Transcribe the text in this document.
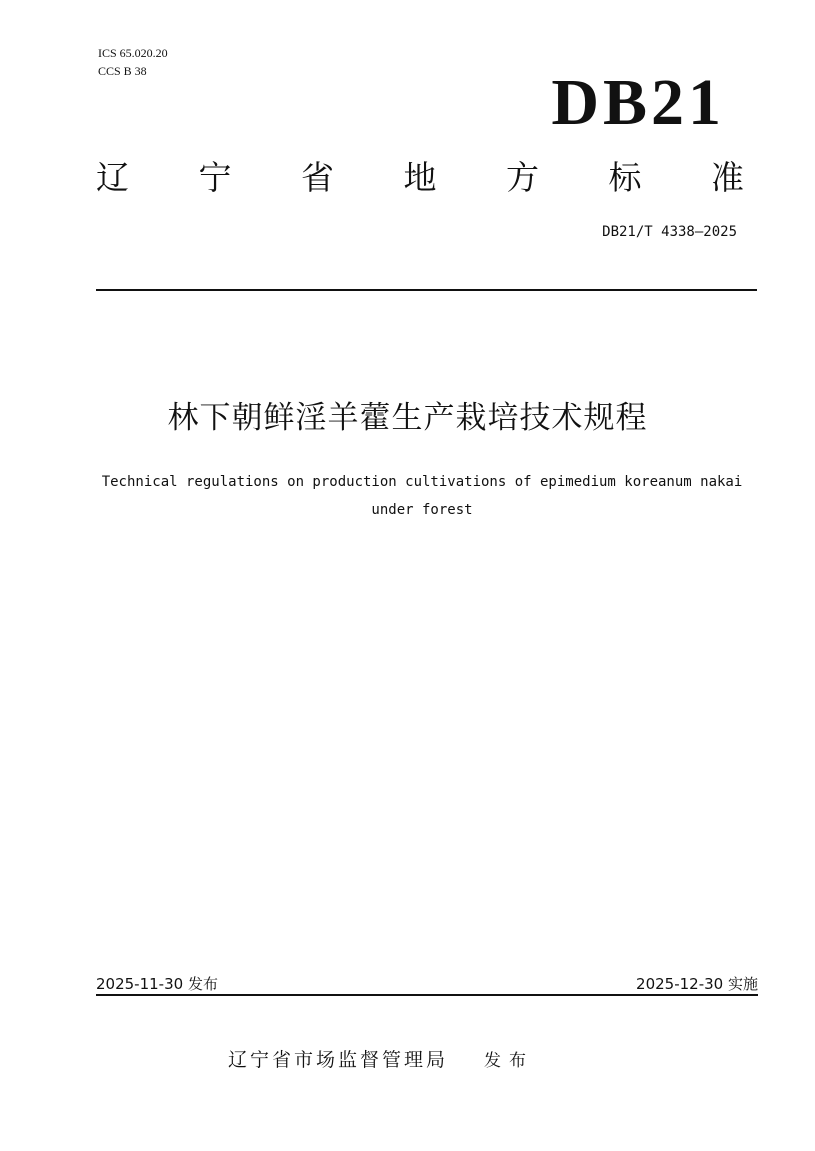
ICS 65.020.20
CCS B 38	DB21
辽 宁 省 地 方 标 准
DB21/T 4338—2025
林下朝鲜淫羊藿生产栽培技术规程
Technical regulations on production cultivations of epimedium koreanum nakai under forest
2025-11-30 发布	2025-12-30 实施
辽宁省市场监督管理局 发布
